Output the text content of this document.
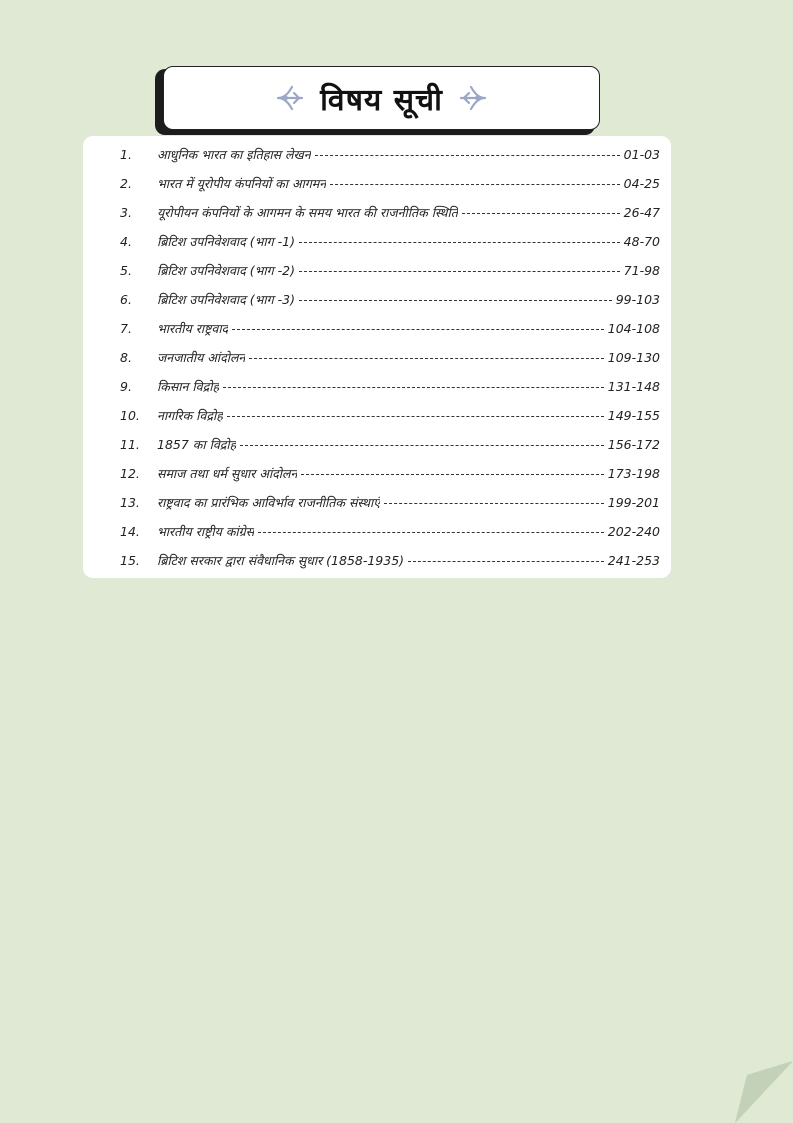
विषय सूची
1.	आधुनिक भारत का इतिहास लेखन	01-03
2.	भारत में यूरोपीय कंपनियों का आगमन	04-25
3.	यूरोपीयन कंपनियों के आगमन के समय भारत की राजनीतिक स्थिति	26-47
4.	ब्रिटिश उपनिवेशवाद (भाग -1)	48-70
5.	ब्रिटिश उपनिवेशवाद (भाग -2)	71-98
6.	ब्रिटिश उपनिवेशवाद (भाग -3)	99-103
7.	भारतीय राष्ट्रवाद	104-108
8.	जनजातीय आंदोलन	109-130
9.	किसान विद्रोह	131-148
10.	नागरिक विद्रोह	149-155
11.	1857 का विद्रोह	156-172
12.	समाज तथा धर्म सुधार आंदोलन	173-198
13.	राष्ट्रवाद का प्रारंभिक आविर्भाव राजनीतिक संस्थाएं	199-201
14.	भारतीय राष्ट्रीय कांग्रेस	202-240
15.	ब्रिटिश सरकार द्वारा संवैधानिक सुधार (1858-1935)	241-253
